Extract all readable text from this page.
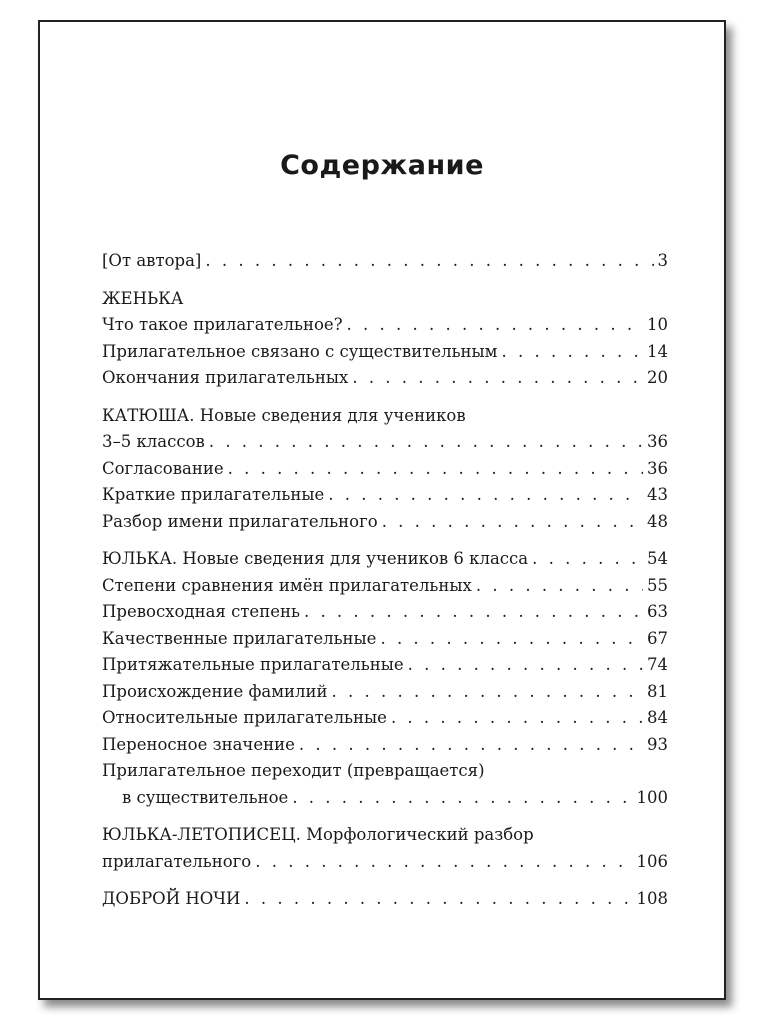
Содержание
[От автора] . . .	3
ЖЕНЬКА
Что такое прилагательное? . . .	10
Прилагательное связано с существительным . . .	14
Окончания прилагательных . . .	20
КАТЮША. Новые сведения для учеников
3–5 классов . . .	36
Согласование . . .	36
Краткие прилагательные . . .	43
Разбор имени прилагательного . . .	48
ЮЛЬКА. Новые сведения для учеников 6 класса . . .	54
Степени сравнения имён прилагательных . . .	55
Превосходная степень . . .	63
Качественные прилагательные . . .	67
Притяжательные прилагательные . . .	74
Происхождение фамилий . . .	81
Относительные прилагательные . . .	84
Переносное значение . . .	93
Прилагательное переходит (превращается)
в существительное . . .	100
ЮЛЬКА-ЛЕТОПИСЕЦ. Морфологический разбор
прилагательного . . .	106
ДОБРОЙ НОЧИ . . .	108
